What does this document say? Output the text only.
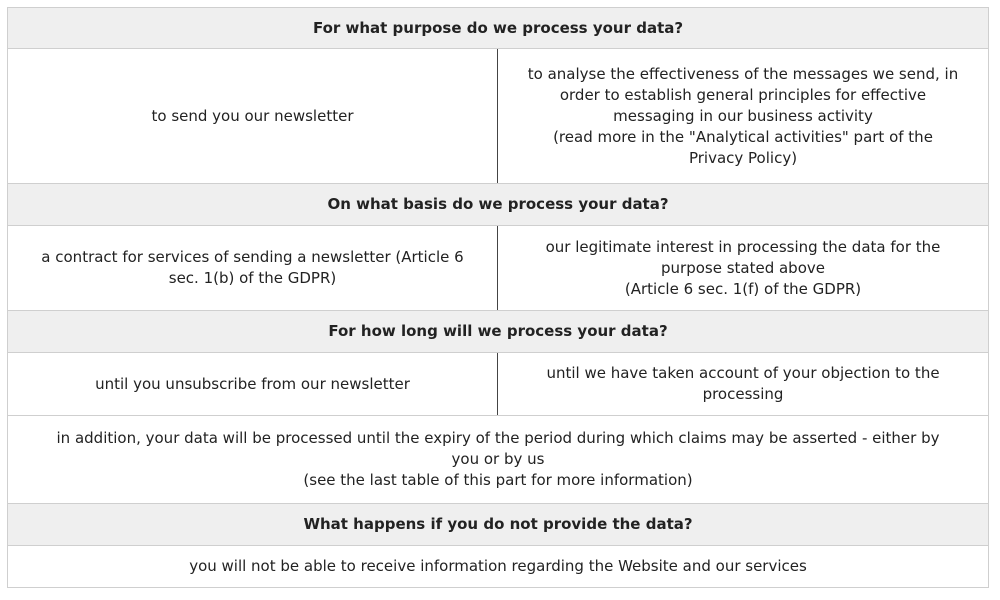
For what purpose do we process your data?	
to send you our newsletter	to analyse the effectiveness of the messages we send, in
order to establish general principles for effective
messaging in our business activity
(read more in the "Analytical activities" part of the
Privacy Policy)

On what basis do we process your data?	

a contract for services of sending a newsletter (Article 6
sec. 1(b) of the GDPR)	our legitimate interest in processing the data for the
purpose stated above
(Article 6 sec. 1(f) of the GDPR)

For how long will we process your data?	
until you unsubscribe from our newsletter	until we have taken account of your objection to the
processing

in addition, your data will be processed until the expiry of the period during which claims may be asserted - either by
you or by us
(see the last table of this part for more information)	

What happens if you do not provide the data?	
you will not be able to receive information regarding the Website and our services	
